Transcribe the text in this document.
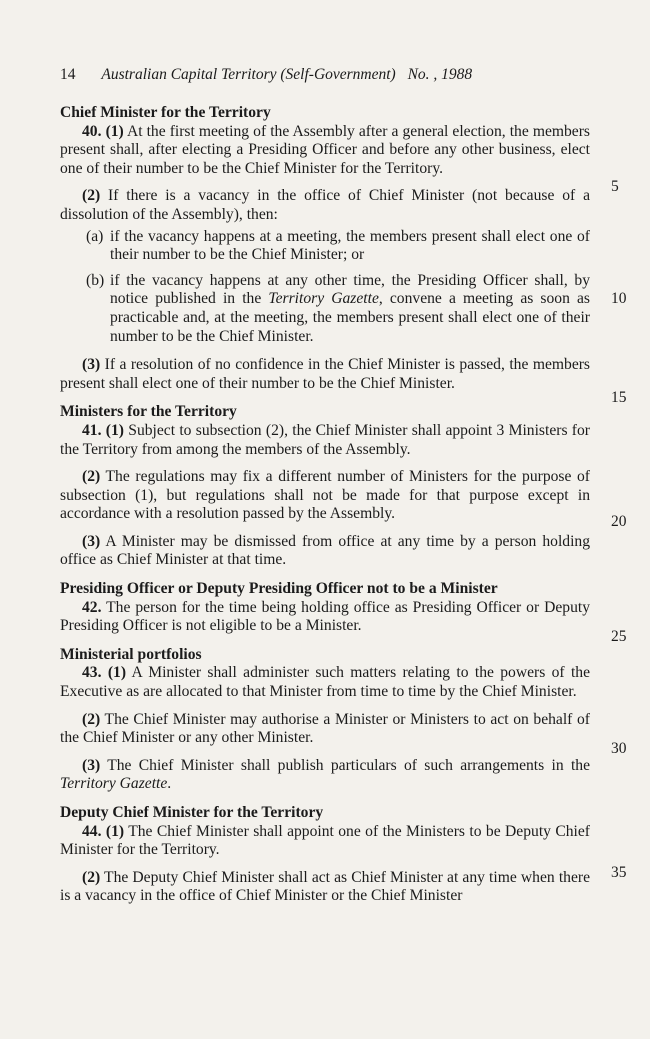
14 Australian Capital Territory (Self-Government) No. , 1988

Chief Minister for the Territory

40. (1) At the first meeting of the Assembly after a general election, the members present shall, after electing a Presiding Officer and before any other business, elect one of their number to be the Chief Minister for the Territory.

(2) If there is a vacancy in the office of Chief Minister (not because of a dissolution of the Assembly), then:

(a) if the vacancy happens at a meeting, the members present shall elect one of their number to be the Chief Minister; or
(b) if the vacancy happens at any other time, the Presiding Officer shall, by notice published in the Territory Gazette, convene a meeting as soon as practicable and, at the meeting, the members present shall elect one of their number to be the Chief Minister.

(3) If a resolution of no confidence in the Chief Minister is passed, the members present shall elect one of their number to be the Chief Minister.

Ministers for the Territory

41. (1) Subject to subsection (2), the Chief Minister shall appoint 3 Ministers for the Territory from among the members of the Assembly.

(2) The regulations may fix a different number of Ministers for the purpose of subsection (1), but regulations shall not be made for that purpose except in accordance with a resolution passed by the Assembly.

(3) A Minister may be dismissed from office at any time by a person holding office as Chief Minister at that time.

Presiding Officer or Deputy Presiding Officer not to be a Minister

42. The person for the time being holding office as Presiding Officer or Deputy Presiding Officer is not eligible to be a Minister.

Ministerial portfolios

43. (1) A Minister shall administer such matters relating to the powers of the Executive as are allocated to that Minister from time to time by the Chief Minister.

(2) The Chief Minister may authorise a Minister or Ministers to act on behalf of the Chief Minister or any other Minister.

(3) The Chief Minister shall publish particulars of such arrangements in the Territory Gazette.

Deputy Chief Minister for the Territory

44. (1) The Chief Minister shall appoint one of the Ministers to be Deputy Chief Minister for the Territory.

(2) The Deputy Chief Minister shall act as Chief Minister at any time when there is a vacancy in the office of Chief Minister or the Chief Minister

5
10
15
20
25
30
35
